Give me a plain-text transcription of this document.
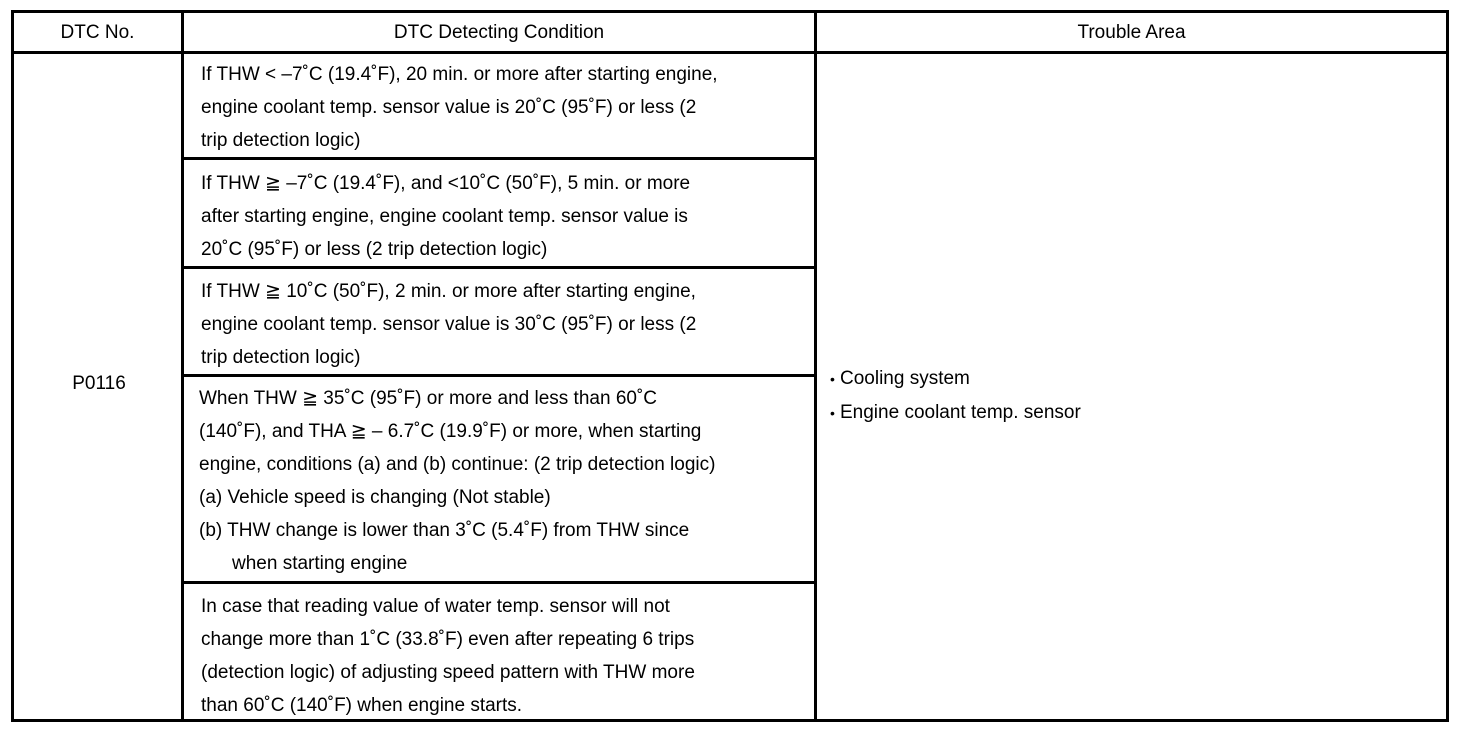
DTC No.	DTC Detecting Condition	Trouble Area
P0116
If THW < –7˚C (19.4˚F), 20 min. or more after starting engine,
engine coolant temp. sensor value is 20˚C (95˚F) or less (2
trip detection logic)
If THW ≧ –7˚C (19.4˚F), and <10˚C (50˚F), 5 min. or more
after starting engine, engine coolant temp. sensor value is
20˚C (95˚F) or less (2 trip detection logic)
If THW ≧ 10˚C (50˚F), 2 min. or more after starting engine,
engine coolant temp. sensor value is 30˚C (95˚F) or less (2
trip detection logic)
When THW ≧ 35˚C (95˚F) or more and less than 60˚C
(140˚F), and THA ≧ – 6.7˚C (19.9˚F) or more, when starting
engine, conditions (a) and (b) continue: (2 trip detection logic)
(a) Vehicle speed is changing (Not stable)
(b) THW change is lower than 3˚C (5.4˚F) from THW since
when starting engine
In case that reading value of water temp. sensor will not
change more than 1˚C (33.8˚F) even after repeating 6 trips
(detection logic) of adjusting speed pattern with THW more
than 60˚C (140˚F) when engine starts.
• Cooling system
• Engine coolant temp. sensor
